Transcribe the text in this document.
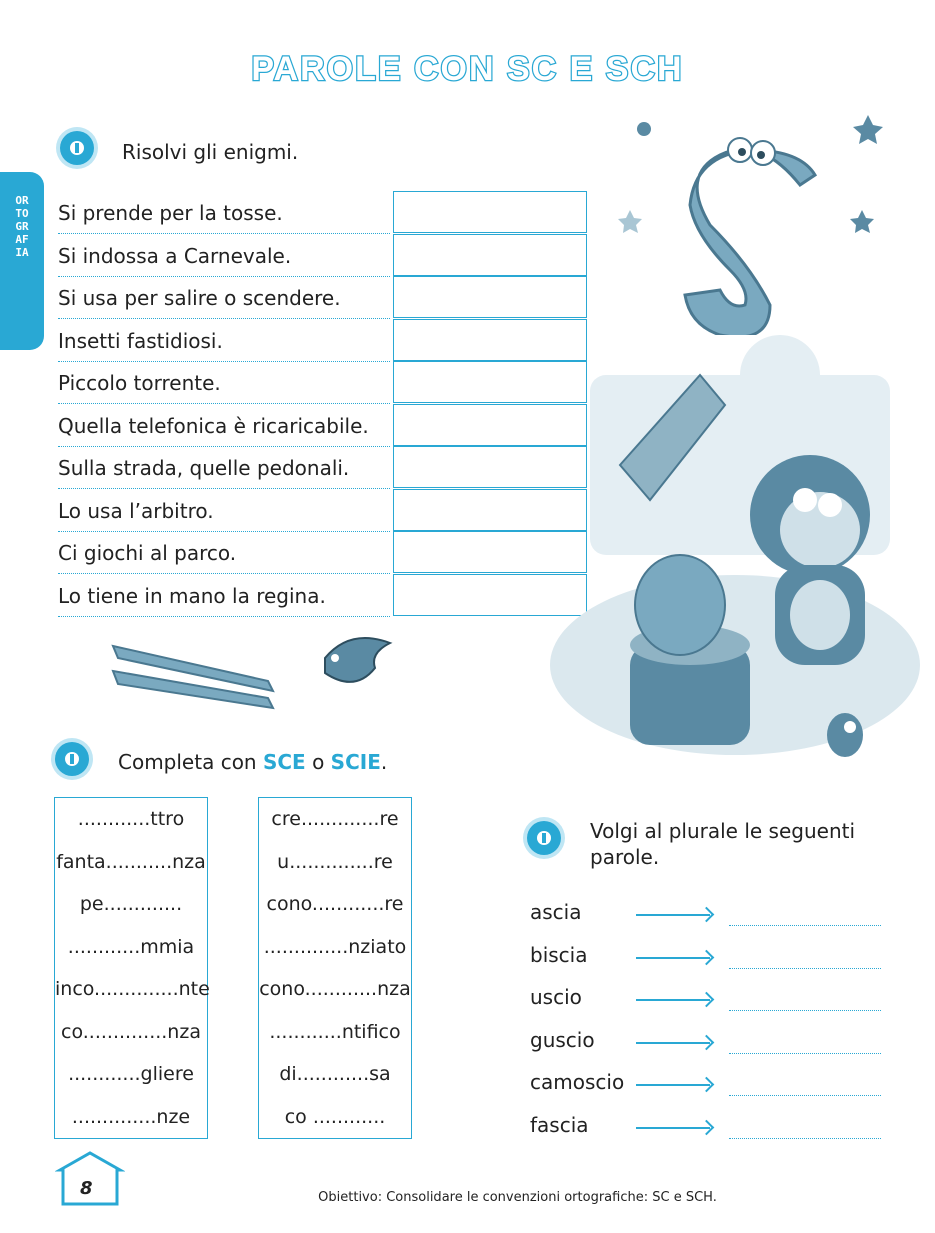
PAROLE CON SC E SCH
ORTOGRAFIA
Risolvi gli enigmi.
Si prende per la tosse.
Si indossa a Carnevale.
Si usa per salire o scendere.
Insetti fastidiosi.
Piccolo torrente.
Quella telefonica è ricaricabile.
Sulla strada, quelle pedonali.
Lo usa l’arbitro.
Ci giochi al parco.
Lo tiene in mano la regina.
Completa con SCE o SCIE.
............ttro
fanta...........nza
pe.............
............mmia
inco..............nte
co..............nza
............gliere
..............nze
cre.............re
u..............re
cono............re
..............nziato
cono............nza
............ntifico
di............sa
co ............
Volgi al plurale le seguenti parole.
ascia
biscia
uscio
guscio
camoscio
fascia
8	Obiettivo: Consolidare le convenzioni ortografiche: SC e SCH.
